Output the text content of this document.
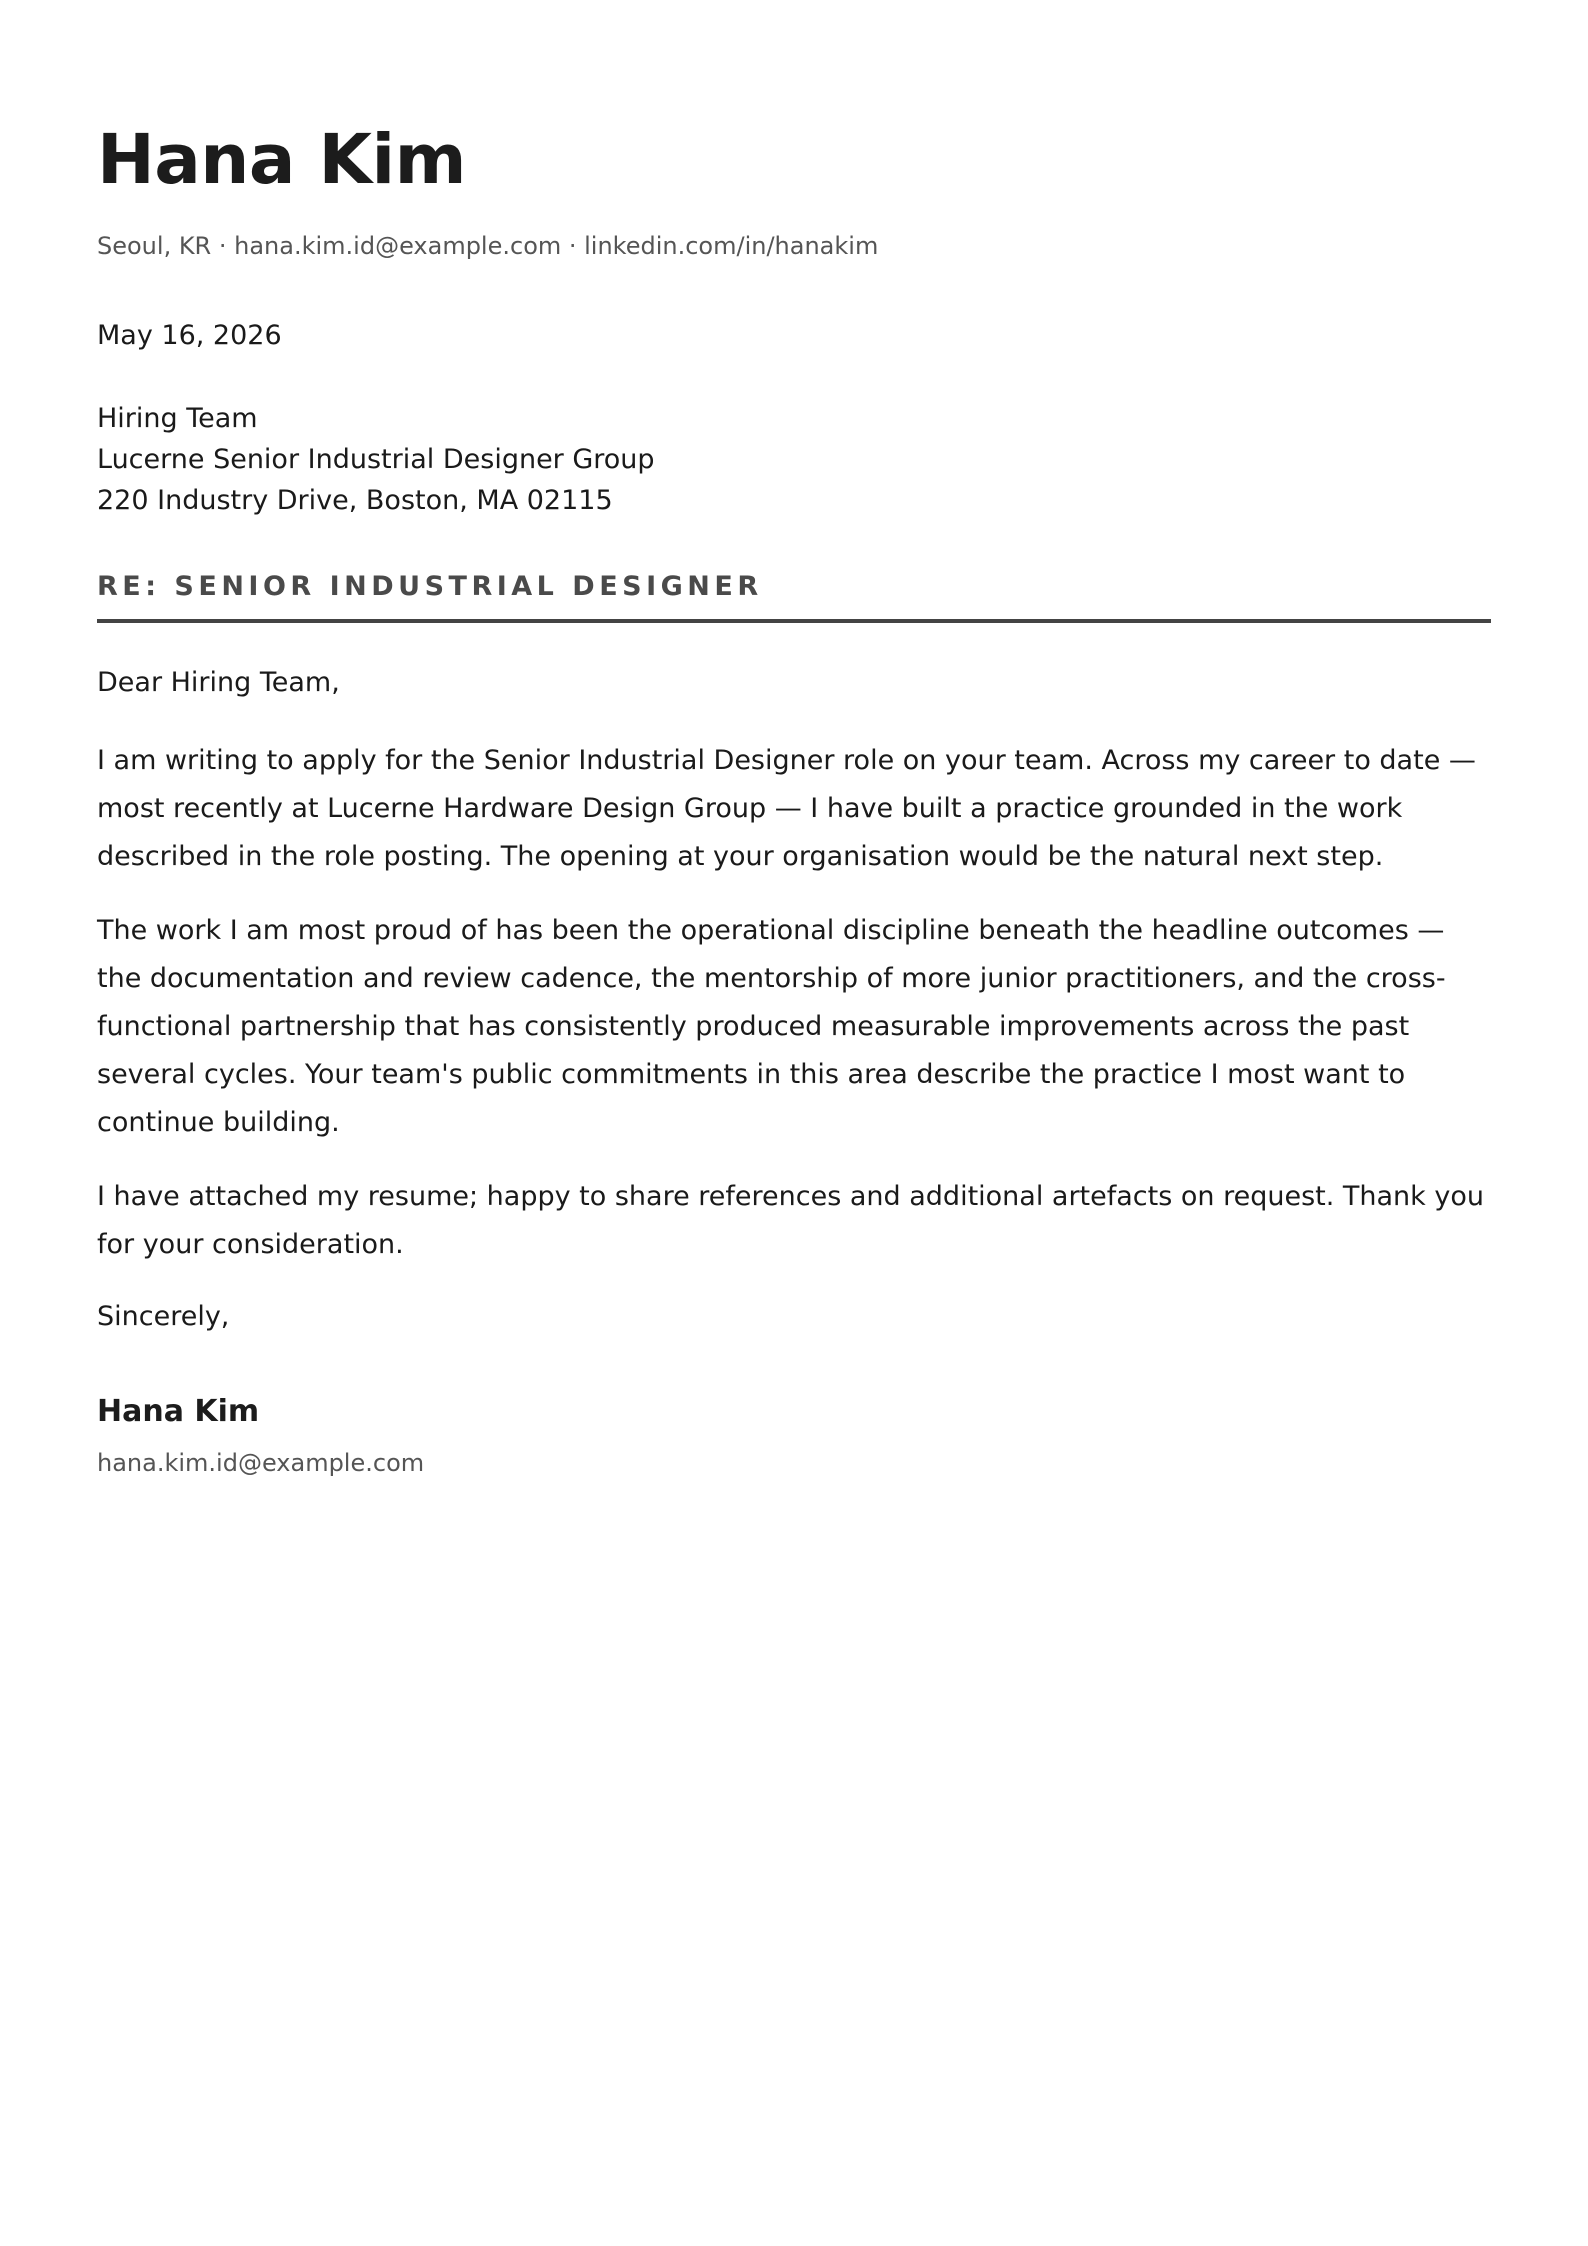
Hana Kim
Seoul, KR · hana.kim.id@example.com · linkedin.com/in/hanakim
May 16, 2026
Hiring Team
Lucerne Senior Industrial Designer Group
220 Industry Drive, Boston, MA 02115
RE: SENIOR INDUSTRIAL DESIGNER
Dear Hiring Team,

I am writing to apply for the Senior Industrial Designer role on your team. Across my career to date — most recently at Lucerne Hardware Design Group — I have built a practice grounded in the work described in the role posting. The opening at your organisation would be the natural next step.

The work I am most proud of has been the operational discipline beneath the headline outcomes — the documentation and review cadence, the mentorship of more junior practitioners, and the cross-functional partnership that has consistently produced measurable improvements across the past several cycles. Your team's public commitments in this area describe the practice I most want to continue building.

I have attached my resume; happy to share references and additional artefacts on request. Thank you for your consideration.

Sincerely,
Hana Kim
hana.kim.id@example.com
